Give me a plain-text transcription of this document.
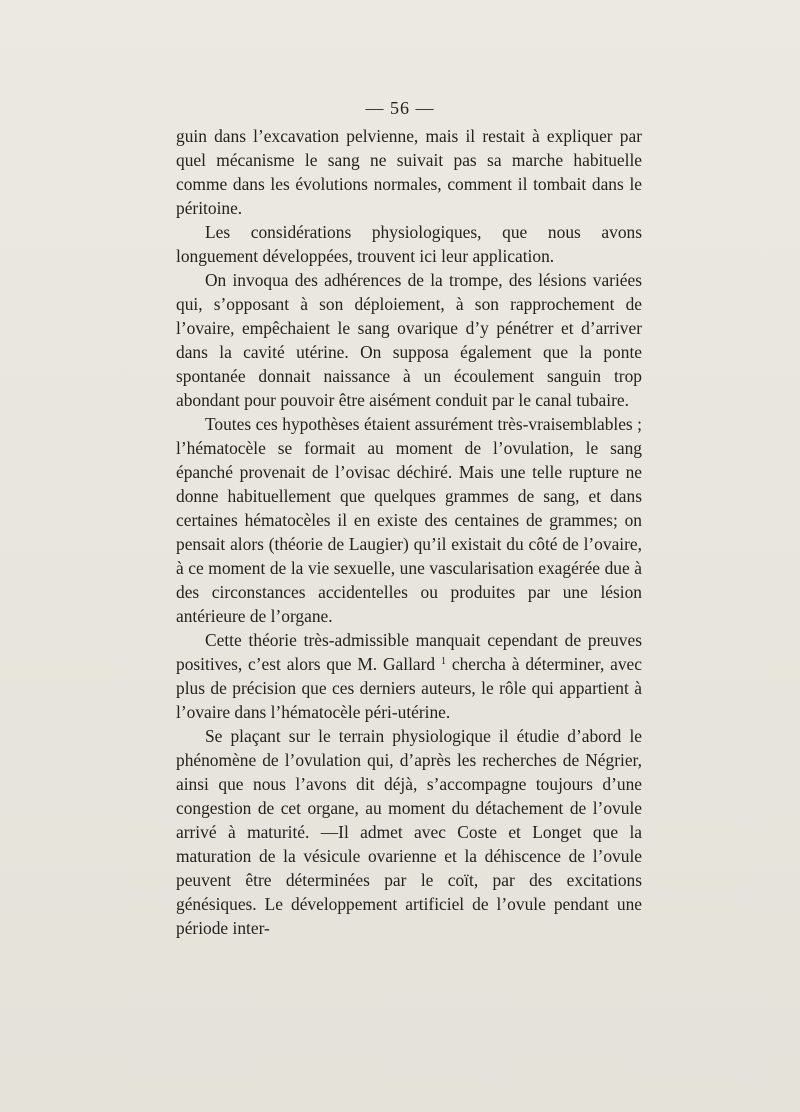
— 56 —

guin dans l’excavation pelvienne, mais il restait à expliquer par quel mécanisme le sang ne suivait pas sa marche habituelle comme dans les évolutions normales, comment il tombait dans le péritoine.

Les considérations physiologiques, que nous avons longuement développées, trouvent ici leur application.

On invoqua des adhérences de la trompe, des lésions variées qui, s’opposant à son déploiement, à son rapprochement de l’ovaire, empêchaient le sang ovarique d’y pénétrer et d’arriver dans la cavité utérine. On supposa également que la ponte spontanée donnait naissance à un écoulement sanguin trop abondant pour pouvoir être aisément conduit par le canal tubaire.

Toutes ces hypothèses étaient assurément très-vraisemblables ; l’hématocèle se formait au moment de l’ovulation, le sang épanché provenait de l’ovisac déchiré. Mais une telle rupture ne donne habituellement que quelques grammes de sang, et dans certaines hématocèles il en existe des centaines de grammes; on pensait alors (théorie de Laugier) qu’il existait du côté de l’ovaire, à ce moment de la vie sexuelle, une vascularisation exagérée due à des circonstances accidentelles ou produites par une lésion antérieure de l’organe.

Cette théorie très-admissible manquait cependant de preuves positives, c’est alors que M. Gallard $^1$ chercha à déterminer, avec plus de précision que ces derniers auteurs, le rôle qui appartient à l’ovaire dans l’hématocèle péri-utérine.

Se plaçant sur le terrain physiologique il étudie d’abord le phénomène de l’ovulation qui, d’après les recherches de Négrier, ainsi que nous l’avons dit déjà, s’accompagne toujours d’une congestion de cet organe, au moment du détachement de l’ovule arrivé à maturité. —Il admet avec Coste et Longet que la maturation de la vésicule ovarienne et la déhiscence de l’ovule peuvent être déterminées par le coït, par des excitations génésiques. Le développement artificiel de l’ovule pendant une période inter-
